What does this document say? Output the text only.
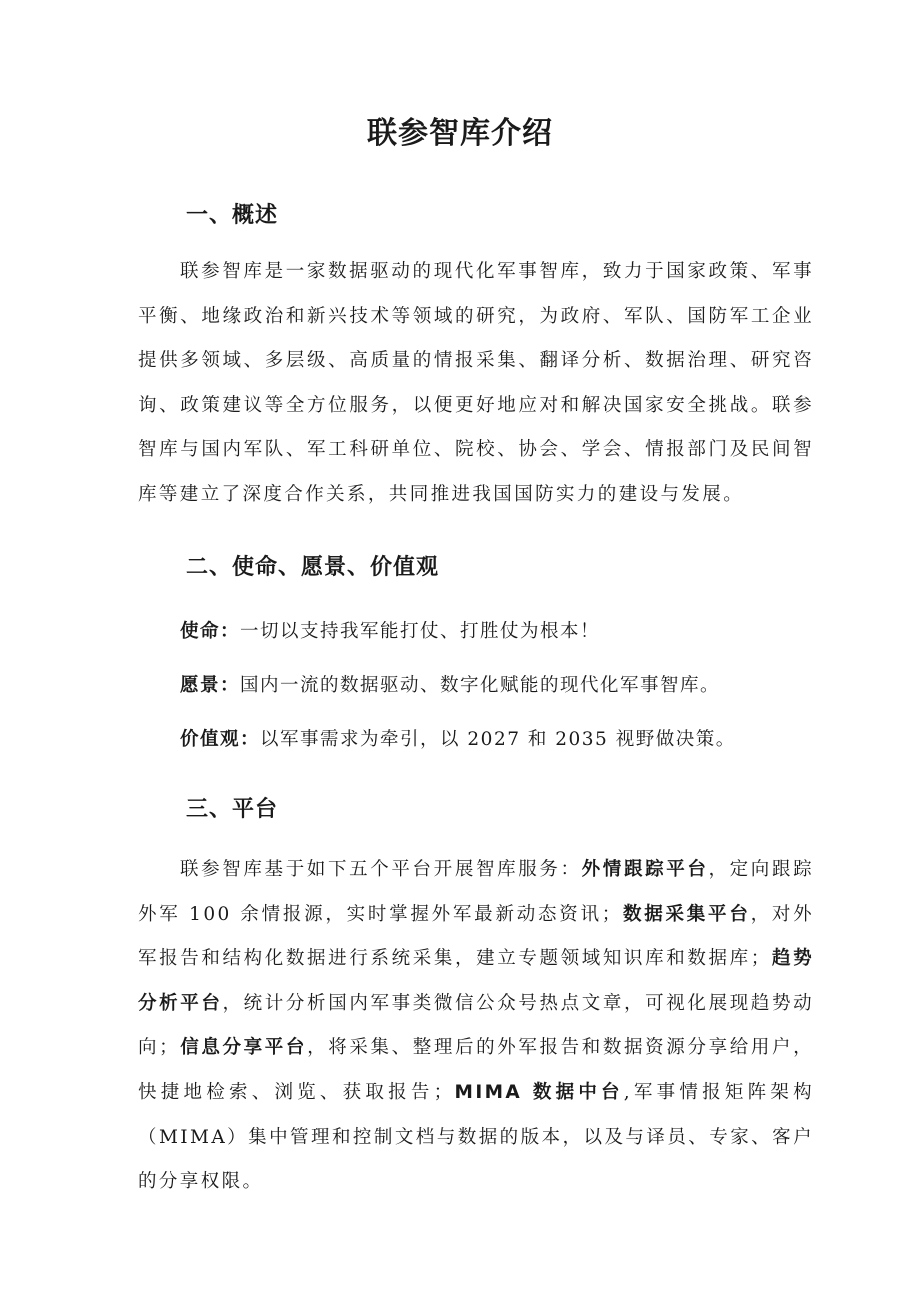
联参智库介绍
一、概述

联参智库是一家数据驱动的现代化军事智库，致力于国家政策、军事平衡、地缘政治和新兴技术等领域的研究，为政府、军队、国防军工企业提供多领域、多层级、高质量的情报采集、翻译分析、数据治理、研究咨询、政策建议等全方位服务，以便更好地应对和解决国家安全挑战。联参智库与国内军队、军工科研单位、院校、协会、学会、情报部门及民间智库等建立了深度合作关系，共同推进我国国防实力的建设与发展。

二、使命、愿景、价值观

使命：一切以支持我军能打仗、打胜仗为根本！

愿景：国内一流的数据驱动、数字化赋能的现代化军事智库。

价值观：以军事需求为牵引，以 2027 和 2035 视野做决策。

三、平台

联参智库基于如下五个平台开展智库服务：外情跟踪平台，定向跟踪外军 100 余情报源，实时掌握外军最新动态资讯；数据采集平台，对外军报告和结构化数据进行系统采集，建立专题领域知识库和数据库；趋势分析平台，统计分析国内军事类微信公众号热点文章，可视化展现趋势动向；信息分享平台，将采集、整理后的外军报告和数据资源分享给用户，快捷地检索、浏览、获取报告；MIMA 数据中台,军事情报矩阵架构（MIMA）集中管理和控制文档与数据的版本，以及与译员、专家、客户的分享权限。
